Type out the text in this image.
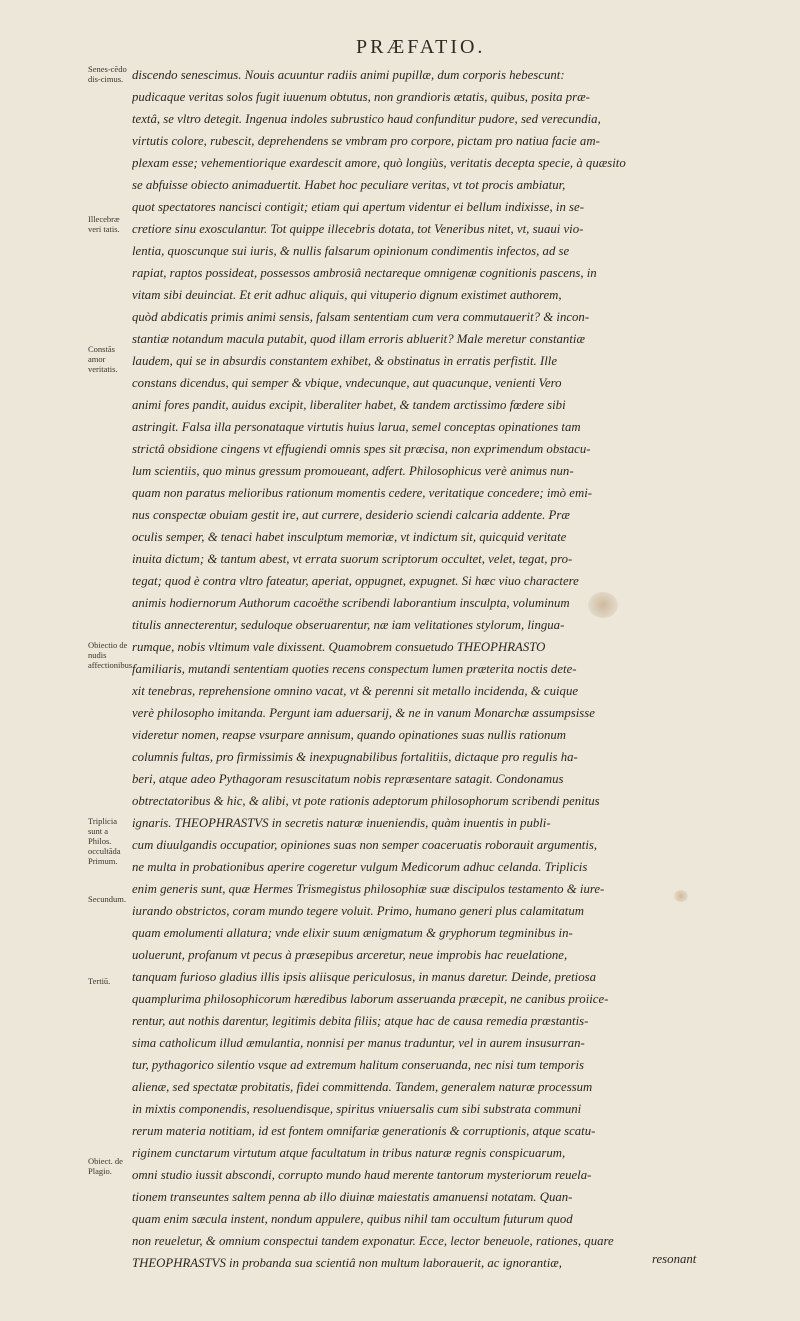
PRÆFATIO.
Senes-cēdo dis-cimus.
Illecebræ veri tatis.
Constās amor veritatis.
Obiectio de nudis affectionibus.
Triplicia sunt a Philos. occultāda Primum.
Secundum.
Tertiū.
Obiect. de Plagio.
discendo senescimus. Nouis acuuntur radiis animi pupillæ, dum corporis hebescunt:
pudicaque veritas solos fugit iuuenum obtutus, non grandioris ætatis, quibus, posita præ-
textâ, se vltro detegit. Ingenua indoles subrustico haud confunditur pudore, sed verecundia,
virtutis colore, rubescit, deprehendens se vmbram pro corpore, pictam pro natiua facie am-
plexam esse; vehementiorique exardescit amore, quò longiùs, veritatis decepta specie, à quæsito
se abfuisse obiecto animaduertit. Habet hoc peculiare veritas, vt tot procis ambiatur,
quot spectatores nancisci contigit; etiam qui apertum videntur ei bellum indixisse, in se-
cretiore sinu exosculantur. Tot quippe illecebris dotata, tot Veneribus nitet, vt, suaui vio-
lentia, quoscunque sui iuris, & nullis falsarum opinionum condimentis infectos, ad se
rapiat, raptos possideat, possessos ambrosiâ nectareque omnigenæ cognitionis pascens, in
vitam sibi deuinciat. Et erit adhuc aliquis, qui vituperio dignum existimet authorem,
quòd abdicatis primis animi sensis, falsam sententiam cum vera commutauerit? & incon-
stantiæ notandum macula putabit, quod illam erroris abluerit? Male meretur constantiæ
laudem, qui se in absurdis constantem exhibet, & obstinatus in erratis perfistit. Ille
constans dicendus, qui semper & vbique, vndecunque, aut quacunque, venienti Vero
animi fores pandit, auidus excipit, liberaliter habet, & tandem arctissimo fœdere sibi
astringit. Falsa illa personataque virtutis huius larua, semel conceptas opinationes tam
strictâ obsidione cingens vt effugiendi omnis spes sit præcisa, non exprimendum obstacu-
lum scientiis, quo minus gressum promoueant, adfert. Philosophicus verè animus nun-
quam non paratus melioribus rationum momentis cedere, veritatique concedere; imò emi-
nus conspectæ obuiam gestit ire, aut currere, desiderio sciendi calcaria addente. Præ
oculis semper, & tenaci habet insculptum memoriæ, vt indictum sit, quicquid veritate
inuita dictum; & tantum abest, vt errata suorum scriptorum occultet, velet, tegat, pro-
tegat; quod è contra vltro fateatur, aperiat, oppugnet, expugnet. Si hæc viuo charactere
animis hodiernorum Authorum cacoëthe scribendi laborantium insculpta, voluminum
titulis annecterentur, seduloque obseruarentur, næ iam velitationes stylorum, lingua-
rumque, nobis vltimum vale dixissent. Quamobrem consuetudo THEOPHRASTO
familiaris, mutandi sententiam quoties recens conspectum lumen præterita noctis dete-
xit tenebras, reprehensione omnino vacat, vt & perenni sit metallo incidenda, & cuique
verè philosopho imitanda. Pergunt iam aduersarij, & ne in vanum Monarchæ assumpsisse
videretur nomen, reapse vsurpare annisum, quando opinationes suas nullis rationum
columnis fultas, pro firmissimis & inexpugnabilibus fortalitiis, dictaque pro regulis ha-
beri, atque adeo Pythagoram resuscitatum nobis repræsentare satagit. Condonamus
obtrectatoribus & hic, & alibi, vt pote rationis adeptorum philosophorum scribendi penitus
ignaris. THEOPHRASTVS in secretis naturæ inueniendis, quàm inuentis in publi-
cum diuulgandis occupatior, opiniones suas non semper coaceruatis roborauit argumentis,
ne multa in probationibus aperire cogeretur vulgum Medicorum adhuc celanda. Triplicis
enim generis sunt, quæ Hermes Trismegistus philosophiæ suæ discipulos testamento & iure-
iurando obstrictos, coram mundo tegere voluit. Primo, humano generi plus calamitatum
quam emolumenti allatura; vnde elixir suum ænigmatum & gryphorum tegminibus in-
uoluerunt, profanum vt pecus à præsepibus arceretur, neue improbis hac reuelatione,
tanquam furioso gladius illis ipsis aliisque periculosus, in manus daretur. Deinde, pretiosa
quamplurima philosophicorum hæredibus laborum asseruanda præcepit, ne canibus proiice-
rentur, aut nothis darentur, legitimis debita filiis; atque hac de causa remedia præstantis-
sima catholicum illud æmulantia, nonnisi per manus traduntur, vel in aurem insusurran-
tur, pythagorico silentio vsque ad extremum halitum conseruanda, nec nisi tum temporis
alienæ, sed spectatæ probitatis, fidei committenda. Tandem, generalem naturæ processum
in mixtis componendis, resoluendisque, spiritus vniuersalis cum sibi substrata communi
rerum materia notitiam, id est fontem omnifariæ generationis & corruptionis, atque scatu-
riginem cunctarum virtutum atque facultatum in tribus naturæ regnis conspicuarum,
omni studio iussit abscondi, corrupto mundo haud merente tantorum mysteriorum reuela-
tionem transeuntes saltem penna ab illo diuinæ maiestatis amanuensi notatam. Quan-
quam enim sæcula instent, nondum appulere, quibus nihil tam occultum futurum quod
non reueletur, & omnium conspectui tandem exponatur. Ecce, lector beneuole, rationes, quare
THEOPHRASTVS in probanda sua scientiâ non multum laborauerit, ac ignorantiæ,	resonant
